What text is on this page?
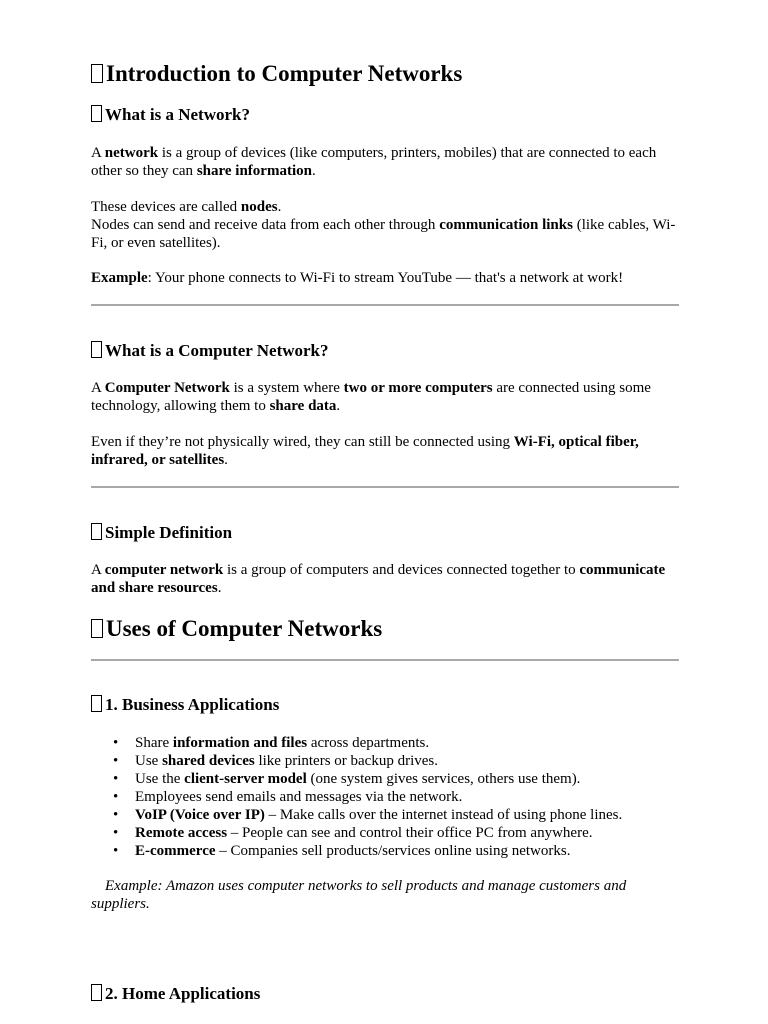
Introduction to Computer Networks
What is a Network?

A network is a group of devices (like computers, printers, mobiles) that are connected to each other so they can share information.

These devices are called nodes.
Nodes can send and receive data from each other through communication links (like cables, Wi-Fi, or even satellites).

Example: Your phone connects to Wi-Fi to stream YouTube — that's a network at work!

What is a Computer Network?

A Computer Network is a system where two or more computers are connected using some technology, allowing them to share data.

Even if they’re not physically wired, they can still be connected using Wi-Fi, optical fiber, infrared, or satellites.

Simple Definition

A computer network is a group of computers and devices connected together to communicate and share resources.

Uses of Computer Networks
1. Business Applications
• Share information and files across departments.
• Use shared devices like printers or backup drives.
• Use the client-server model (one system gives services, others use them).
• Employees send emails and messages via the network.
• VoIP (Voice over IP) – Make calls over the internet instead of using phone lines.
• Remote access – People can see and control their office PC from anywhere.
• E-commerce – Companies sell products/services online using networks.

Example: Amazon uses computer networks to sell products and manage customers and suppliers.

2. Home Applications
